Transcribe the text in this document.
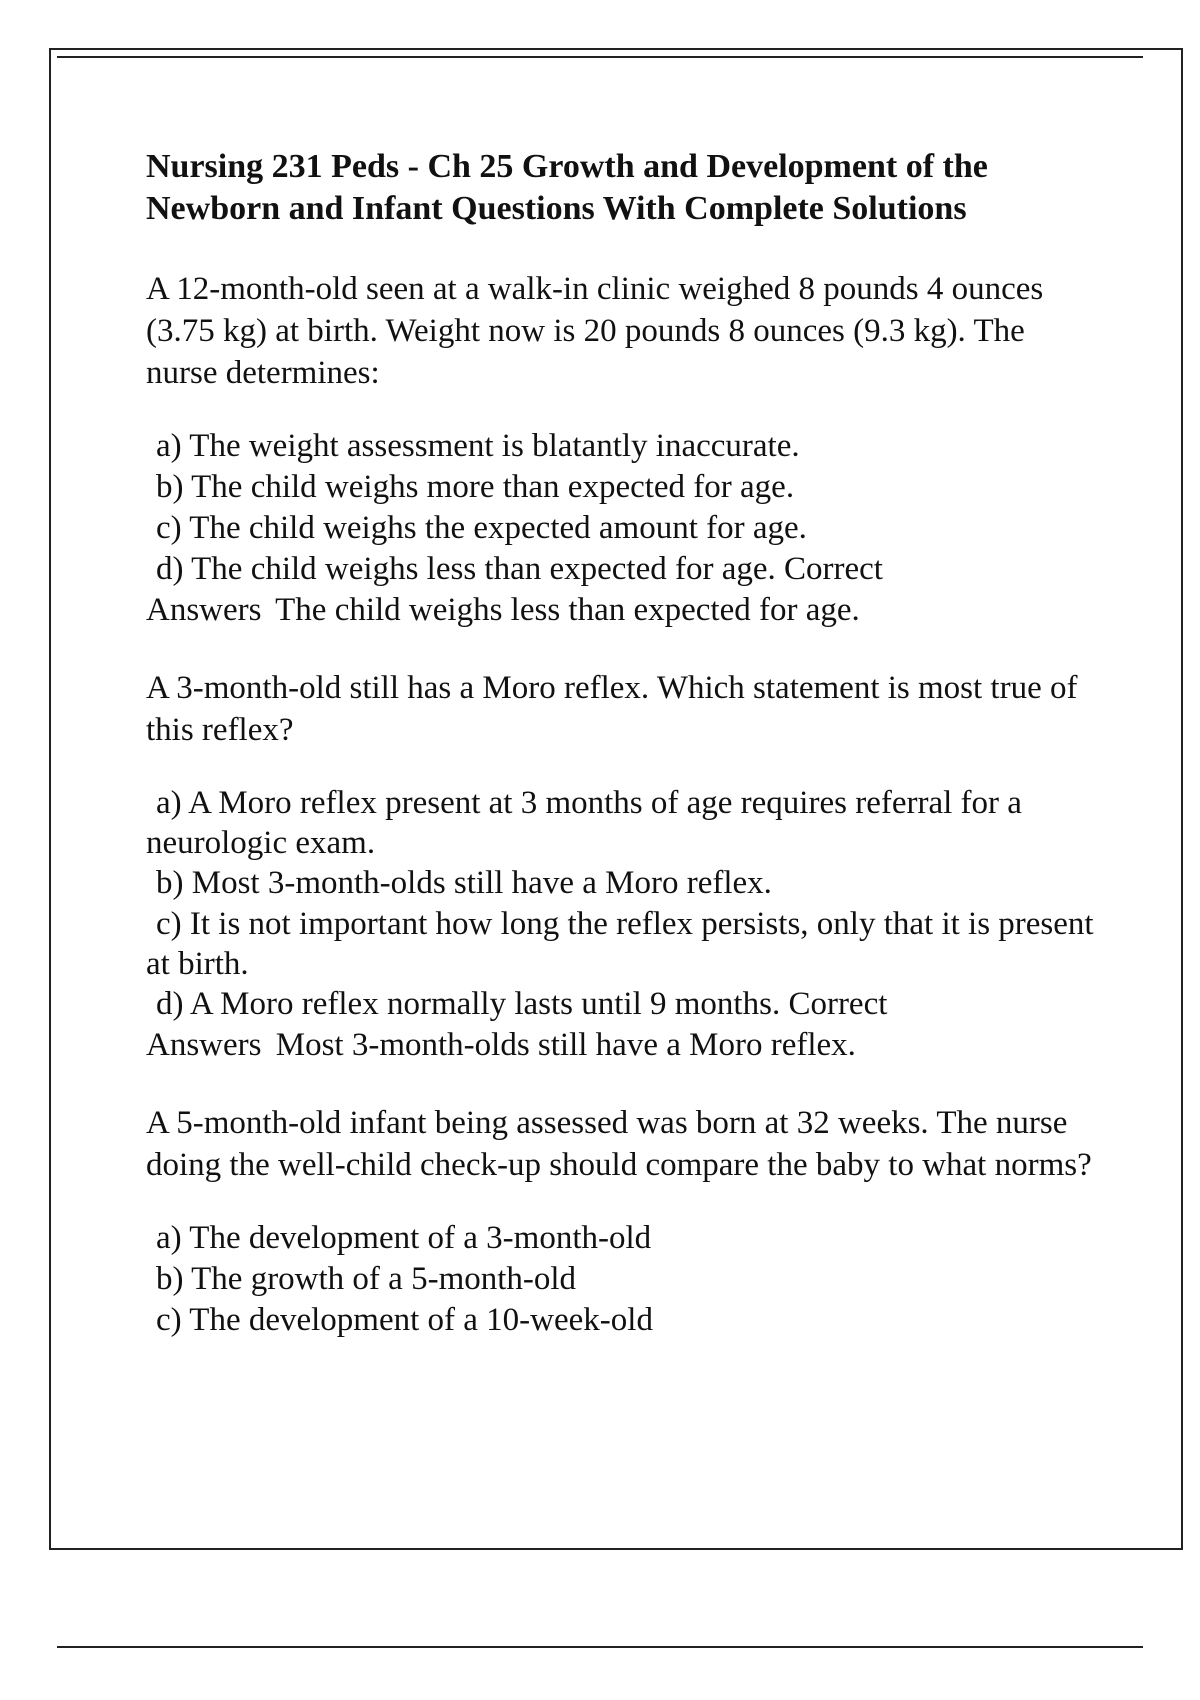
Nursing 231 Peds - Ch 25 Growth and Development of the Newborn and Infant Questions With Complete Solutions
A 12-month-old seen at a walk-in clinic weighed 8 pounds 4 ounces (3.75 kg) at birth. Weight now is 20 pounds 8 ounces (9.3 kg). The nurse determines:
a) The weight assessment is blatantly inaccurate.
b) The child weighs more than expected for age.
c) The child weighs the expected amount for age.
d) The child weighs less than expected for age. Correct
Answers The child weighs less than expected for age.
A 3-month-old still has a Moro reflex. Which statement is most true of this reflex?
a) A Moro reflex present at 3 months of age requires referral for a neurologic exam.
b) Most 3-month-olds still have a Moro reflex.
c) It is not important how long the reflex persists, only that it is present at birth.
d) A Moro reflex normally lasts until 9 months. Correct
Answers Most 3-month-olds still have a Moro reflex.
A 5-month-old infant being assessed was born at 32 weeks. The nurse doing the well-child check-up should compare the baby to what norms?
a) The development of a 3-month-old
b) The growth of a 5-month-old
c) The development of a 10-week-old
